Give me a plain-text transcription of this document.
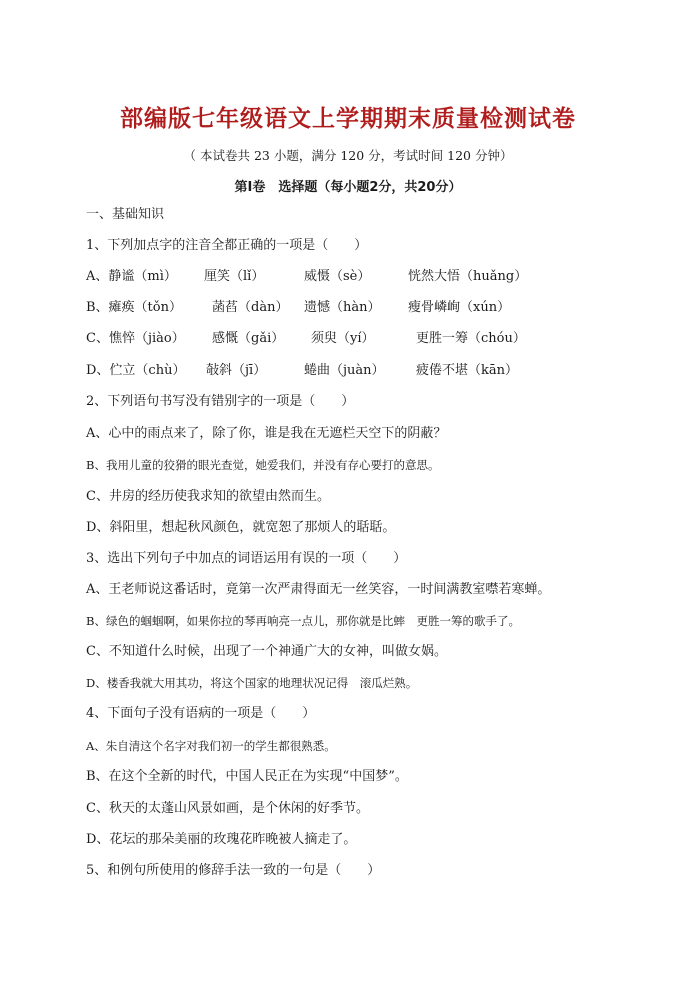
部编版七年级语文上学期期末质量检测试卷
（ 本试卷共 23 小题，满分 120 分，考试时间 120 分钟）
第Ⅰ卷　选择题（每小题2分，共20分）
一、基础知识
1、下列加点字的注音全都正确的一项是（　　）
A、静谧（mì） 厘笑（lǐ）	威慑（sè）	恍然大悟（huǎng）
B、瘫痪（tǒn） 菡萏（dàn） 遗憾（hàn） 瘦骨嶙峋（xún）
C、憔悴（jiào） 感慨（gǎi） 须臾（yí）	更胜一筹（chóu）
D、伫立（chù） 敧斜（jī）	蜷曲（juàn） 疲倦不堪（kān）
2、下列语句书写没有错别字的一项是（　　）
A、心中的雨点来了，除了你，谁是我在无遮栏天空下的阴蔽？
B、我用儿童的狡猾的眼光查觉，她爱我们，并没有存心要打的意思。
C、井房的经历使我求知的欲望由然而生。
D、斜阳里，想起秋风颜色，就宽恕了那烦人的聒聒。
3、选出下列句子中加点的词语运用有误的一项（　　）
A、王老师说这番话时，竟第一次严肃得面无一丝笑容，一时间满教室噤若寒蝉。
B、绿色的蝈蝈啊，如果你拉的琴再响亮一点儿，那你就是比蟀　更胜一筹的歌手了。
C、不知道什么时候，出现了一个神通广大的女神，叫做女娲。
D、楼香我就大用其功，将这个国家的地理状况记得　滚瓜烂熟。
4、下面句子没有语病的一项是（　　）
A、朱自清这个名字对我们初一的学生都很熟悉。
B、在这个全新的时代，中国人民正在为实现“中国梦”。
C、秋天的太蓬山风景如画，是个休闲的好季节。
D、花坛的那朵美丽的玫瑰花昨晚被人摘走了。
5、和例句所使用的修辞手法一致的一句是（　　）
